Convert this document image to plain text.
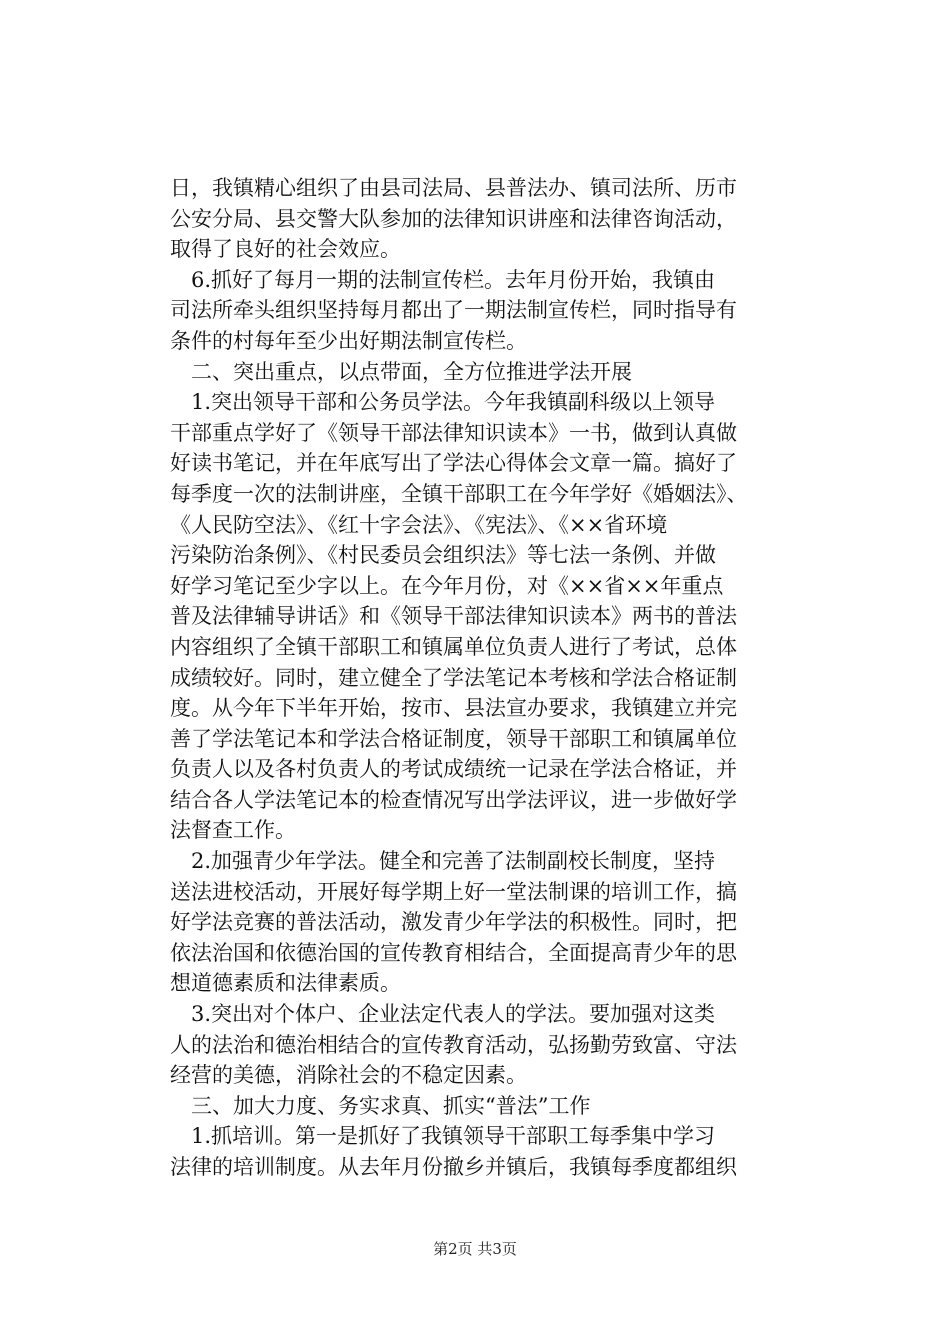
日，我镇精心组织了由县司法局、县普法办、镇司法所、历市
公安分局、县交警大队参加的法律知识讲座和法律咨询活动，
取得了良好的社会效应。
6.抓好了每月一期的法制宣传栏。去年月份开始，我镇由
司法所牵头组织坚持每月都出了一期法制宣传栏，同时指导有
条件的村每年至少出好期法制宣传栏。
二、突出重点，以点带面，全方位推进学法开展
1.突出领导干部和公务员学法。今年我镇副科级以上领导
干部重点学好了《领导干部法律知识读本》一书，做到认真做
好读书笔记，并在年底写出了学法心得体会文章一篇。搞好了
每季度一次的法制讲座，全镇干部职工在今年学好《婚姻法》、
《人民防空法》、《红十字会法》、《宪法》、《××省环境
污染防治条例》、《村民委员会组织法》等七法一条例、并做
好学习笔记至少字以上。在今年月份，对《××省××年重点
普及法律辅导讲话》和《领导干部法律知识读本》两书的普法
内容组织了全镇干部职工和镇属单位负责人进行了考试，总体
成绩较好。同时，建立健全了学法笔记本考核和学法合格证制
度。从今年下半年开始，按市、县法宣办要求，我镇建立并完
善了学法笔记本和学法合格证制度，领导干部职工和镇属单位
负责人以及各村负责人的考试成绩统一记录在学法合格证，并
结合各人学法笔记本的检查情况写出学法评议，进一步做好学
法督查工作。
2.加强青少年学法。健全和完善了法制副校长制度，坚持
送法进校活动，开展好每学期上好一堂法制课的培训工作，搞
好学法竞赛的普法活动，激发青少年学法的积极性。同时，把
依法治国和依德治国的宣传教育相结合，全面提高青少年的思
想道德素质和法律素质。
3.突出对个体户、企业法定代表人的学法。要加强对这类
人的法治和德治相结合的宣传教育活动，弘扬勤劳致富、守法
经营的美德，消除社会的不稳定因素。
三、加大力度、务实求真、抓实“普法”工作
1.抓培训。第一是抓好了我镇领导干部职工每季集中学习
法律的培训制度。从去年月份撤乡并镇后，我镇每季度都组织
第2页 共3页
